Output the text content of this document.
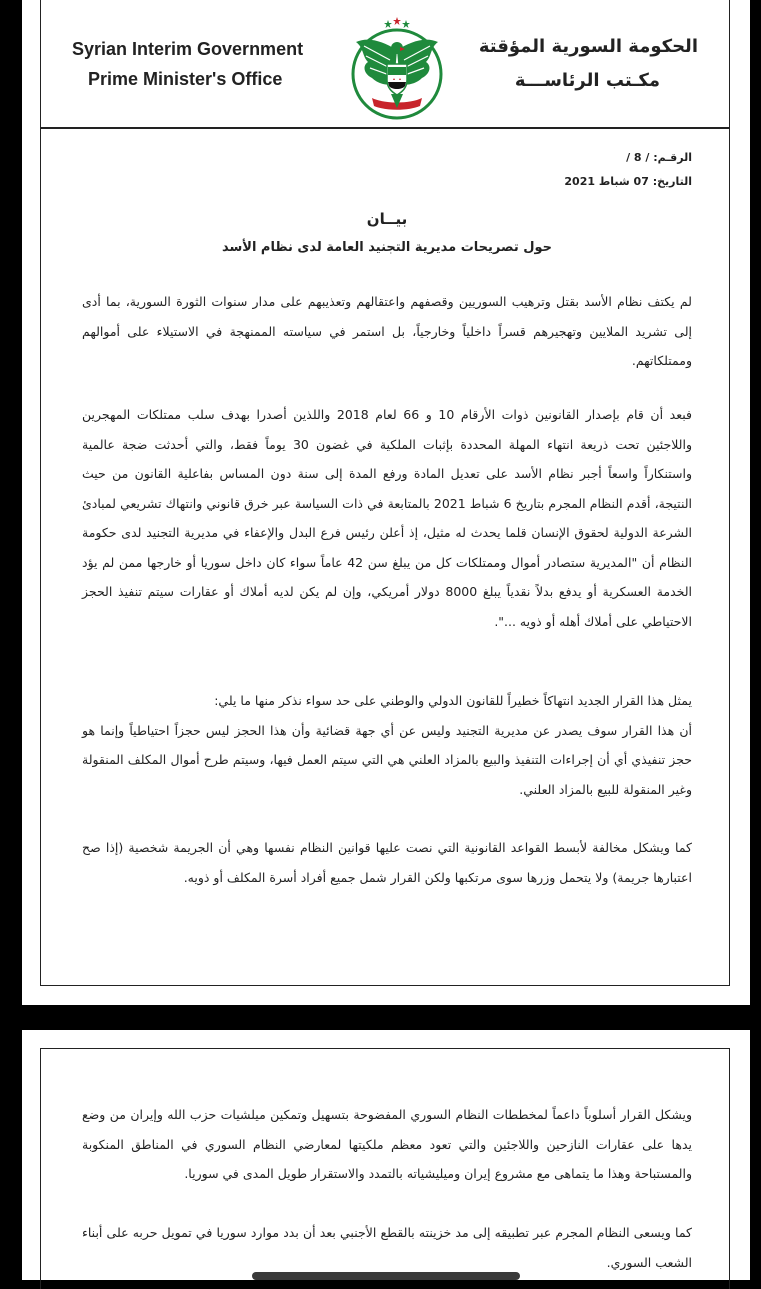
Syrian Interim Government
Prime Minister's Office
الحكومة السورية المؤقتة
مكـتب الرئاســـة
الرقـم: / 8 /
التاريخ: 07 شباط 2021
بيــان
حول تصريحات مديرية التجنيد العامة لدى نظام الأسد
لم يكتف نظام الأسد بقتل وترهيب السوريين وقصفهم واعتقالهم وتعذيبهم على مدار سنوات الثورة السورية، بما أدى إلى تشريد الملايين وتهجيرهم قسراً داخلياً وخارجياً، بل استمر في سياسته الممنهجة في الاستيلاء على أموالهم وممتلكاتهم.
فبعد أن قام بإصدار القانونين ذوات الأرقام 10 و 66 لعام 2018 واللذين أصدرا بهدف سلب ممتلكات المهجرين واللاجئين تحت ذريعة انتهاء المهلة المحددة بإثبات الملكية في غضون 30 يوماً فقط، والتي أحدثت ضجة عالمية واستنكاراً واسعاً أجبر نظام الأسد على تعديل المادة ورفع المدة إلى سنة دون المساس بفاعلية القانون من حيث النتيجة، أقدم النظام المجرم بتاريخ 6 شباط 2021 بالمتابعة في ذات السياسة عبر خرق قانوني وانتهاك تشريعي لمبادئ الشرعة الدولية لحقوق الإنسان قلما يحدث له مثيل، إذ أعلن رئيس فرع البدل والإعفاء في مديرية التجنيد لدى حكومة النظام أن "المديرية ستصادر أموال وممتلكات كل من يبلغ سن 42 عاماً سواء كان داخل سوريا أو خارجها ممن لم يؤد الخدمة العسكرية أو يدفع بدلاً نقدياً يبلغ 8000 دولار أمريكي، وإن لم يكن لديه أملاك أو عقارات سيتم تنفيذ الحجز الاحتياطي على أملاك أهله أو ذويه ...".
يمثل هذا القرار الجديد انتهاكاً خطيراً للقانون الدولي والوطني على حد سواء نذكر منها ما يلي:
أن هذا القرار سوف يصدر عن مديرية التجنيد وليس عن أي جهة قضائية وأن هذا الحجز ليس حجزاً احتياطياً وإنما هو حجز تنفيذي أي أن إجراءات التنفيذ والبيع بالمزاد العلني هي التي سيتم العمل فيها، وسيتم طرح أموال المكلف المنقولة وغير المنقولة للبيع بالمزاد العلني.
كما ويشكل مخالفة لأبسط القواعد القانونية التي نصت عليها قوانين النظام نفسها وهي أن الجريمة شخصية (إذا صح اعتبارها جريمة) ولا يتحمل وزرها سوى مرتكبها ولكن القرار شمل جميع أفراد أسرة المكلف أو ذويه.
ويشكل القرار أسلوباً داعماً لمخططات النظام السوري المفضوحة بتسهيل وتمكين ميلشيات حزب الله وإيران من وضع يدها على عقارات النازحين واللاجئين والتي تعود معظم ملكيتها لمعارضي النظام السوري في المناطق المنكوبة والمستباحة وهذا ما يتماهى مع مشروع إيران وميليشياته بالتمدد والاستقرار طويل المدى في سوريا.
كما ويسعى النظام المجرم عبر تطبيقه إلى مد خزينته بالقطع الأجنبي بعد أن بدد موارد سوريا في تمويل حربه على أبناء الشعب السوري.
